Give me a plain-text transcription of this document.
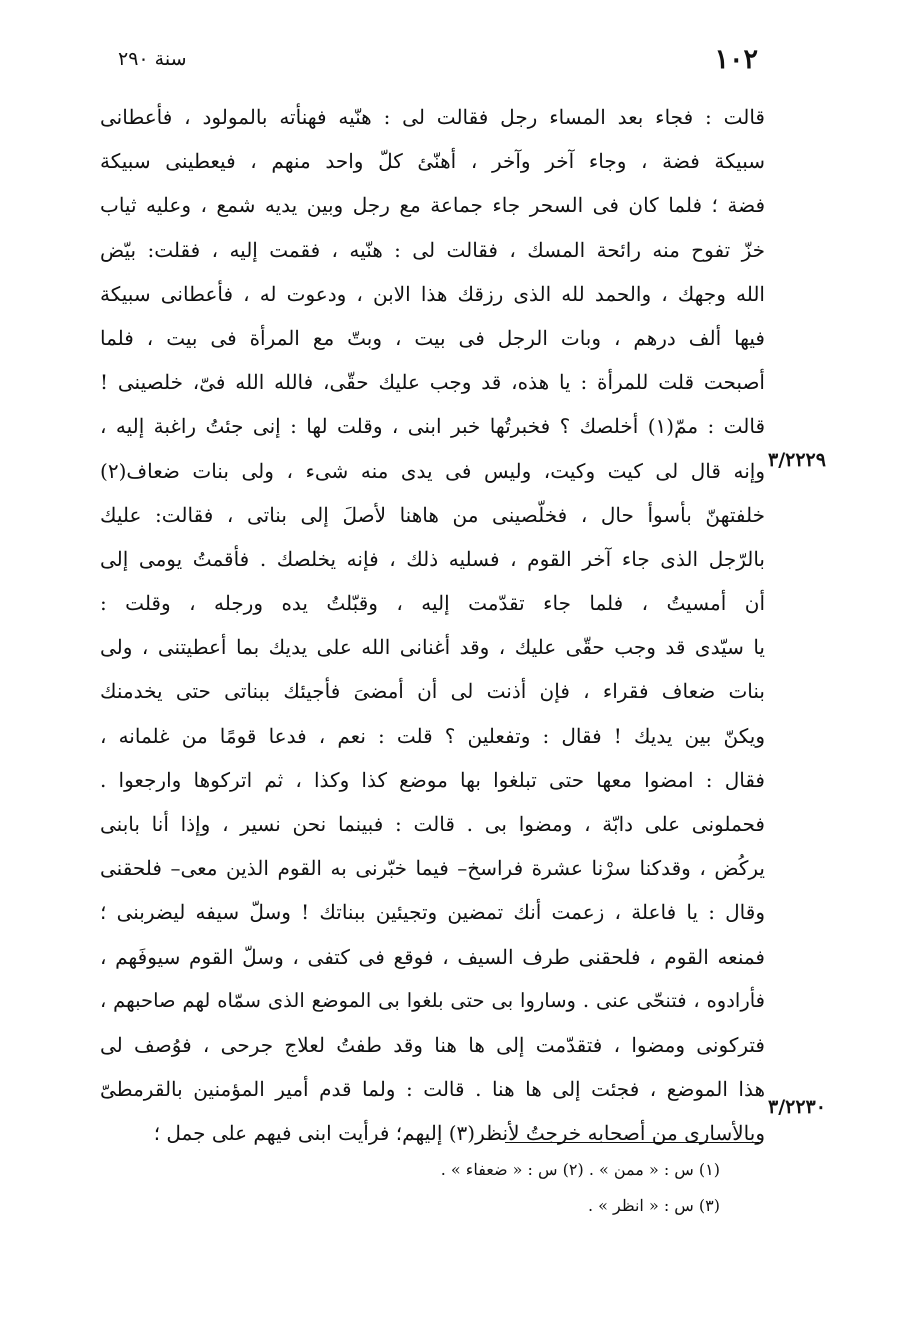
١٠٢
سنة ٢٩٠
قالت : فجاء بعد المساء رجل فقالت لى : هنّيه فهنأته بالمولود ، فأعطانى
سبيكة فضة ، وجاء آخر وآخر ، أهنّئ كلّ واحد منهم ، فيعطينى سبيكة
فضة ؛ فلما كان فى السحر جاء جماعة مع رجل وبين يديه شمع ، وعليه ثياب
خزّ تفوح منه رائحة المسك ، فقالت لى : هنّيه ، فقمت إليه ، فقلت: بيّض
الله وجهك ، والحمد لله الذى رزقك هذا الابن ، ودعوت له ، فأعطانى سبيكة
فيها ألف درهم ، وبات الرجل فى بيت ، وبتّ مع المرأة فى بيت ، فلما
أصبحت قلت للمرأة : يا هذه، قد وجب عليك حقّى، فالله الله فىّ، خلصينى !
قالت : ممّ(١) أخلصك ؟ فخبرتُها خبر ابنى ، وقلت لها : إنى جئتُ راغبة إليه ،
وإنه قال لى كيت وكيت، وليس فى يدى منه شىء ، ولى بنات ضعاف(٢)
خلفتهنّ بأسوأ حال ، فخلّصينى من هاهنا لأصلَ إلى بناتى ، فقالت: عليك
بالرّجل الذى جاء آخر القوم ، فسليه ذلك ، فإنه يخلصك . فأقمتُ يومى إلى
أن أمسيتُ ، فلما جاء تقدّمت إليه ، وقبّلتُ يده ورجله ، وقلت :
يا سيّدى قد وجب حقّى عليك ، وقد أغنانى الله على يديك بما أعطيتنى ، ولى
بنات ضعاف فقراء ، فإن أذنت لى أن أمضىَ فأجيئك ببناتى حتى يخدمنك
ويكنّ بين يديك ! فقال : وتفعلين ؟ قلت : نعم ، فدعا قومًا من غلمانه ،
فقال : امضوا معها حتى تبلغوا بها موضع كذا وكذا ، ثم اتركوها وارجعوا .
فحملونى على دابّة ، ومضوا بى . قالت : فبينما نحن نسير ، وإذا أنا بابنى
يركُض ، وقدكنا سرْنا عشرة فراسخ– فيما خبّرنى به القوم الذين معى– فلحقنى
وقال : يا فاعلة ، زعمت أنك تمضين وتجيئين ببناتك ! وسلّ سيفه ليضربنى ؛
فمنعه القوم ، فلحقنى طرف السيف ، فوقع فى كتفى ، وسلّ القوم سيوفَهم ،
فأرادوه ، فتنحّى عنى . وساروا بى حتى بلغوا بى الموضع الذى سمّاه لهم صاحبهم ،
فتركونى ومضوا ، فتقدّمت إلى ها هنا وقد طفتُ لعلاج جرحى ، فوُصف لى
هذا الموضع ، فجئت إلى ها هنا . قالت : ولما قدم أمير المؤمنين بالقرمطىّ
وبالأسارى من أصحابه خرجتُ لأنظر(٣) إليهم؛ فرأيت ابنى فيهم على جمل ؛
٣/٢٢٢٩
٣/٢٢٣٠
(١) س : « ممن » . (٢) س : « ضعفاء » .
(٣) س : « انظر » .
